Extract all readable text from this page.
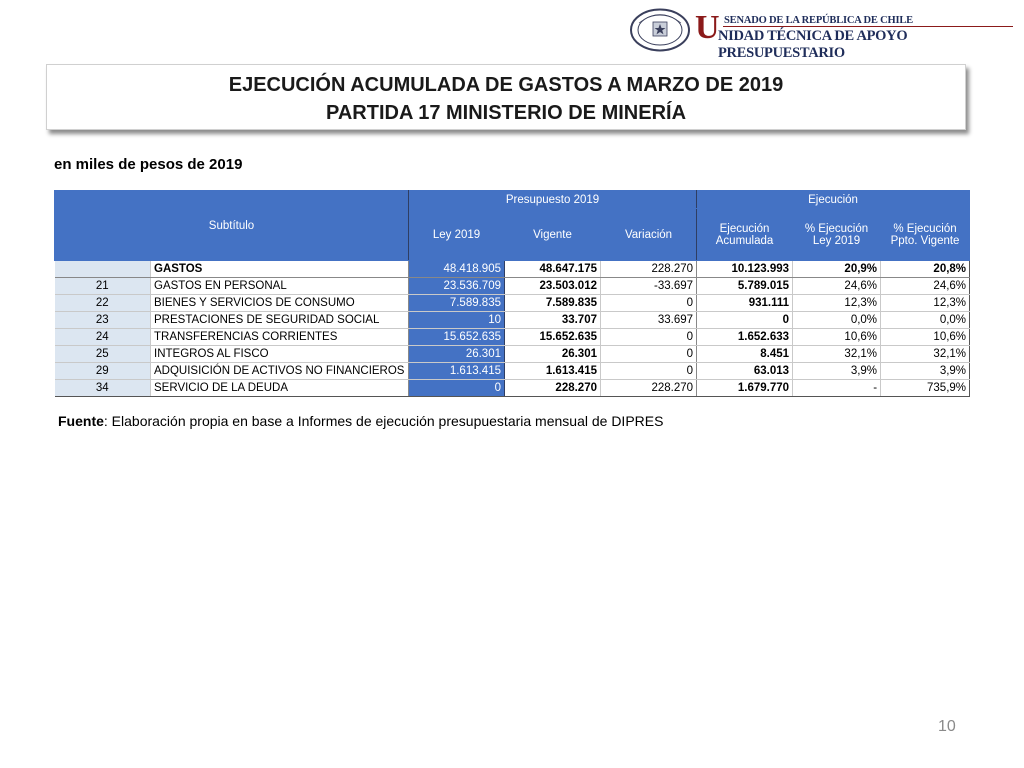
U SENADO DE LA REPÚBLICA DE CHILE
NIDAD TÉCNICA DE APOYO PRESUPUESTARIO
EJECUCIÓN ACUMULADA DE GASTOS A MARZO DE 2019
PARTIDA 17 MINISTERIO DE MINERÍA
en miles de pesos de 2019
Subtítulo		Presupuesto 2019			Ejecución		
		Ley 2019	Vigente	Variación	Ejecución Acumulada	% Ejecución Ley 2019	% Ejecución Ppto. Vigente
	GASTOS	48.418.905	48.647.175	228.270	10.123.993	20,9%	20,8%
21	GASTOS EN PERSONAL	23.536.709	23.503.012	-33.697	5.789.015	24,6%	24,6%
22	BIENES Y SERVICIOS DE CONSUMO	7.589.835	7.589.835	0	931.111	12,3%	12,3%
23	PRESTACIONES DE SEGURIDAD SOCIAL	10	33.707	33.697	0	0,0%	0,0%
24	TRANSFERENCIAS CORRIENTES	15.652.635	15.652.635	0	1.652.633	10,6%	10,6%
25	INTEGROS AL FISCO	26.301	26.301	0	8.451	32,1%	32,1%
29	ADQUISICIÓN DE ACTIVOS NO FINANCIEROS	1.613.415	1.613.415	0	63.013	3,9%	3,9%
34	SERVICIO DE LA DEUDA	0	228.270	228.270	1.679.770	-	735,9%
Fuente: Elaboración propia en base a Informes de ejecución presupuestaria mensual de DIPRES
10
